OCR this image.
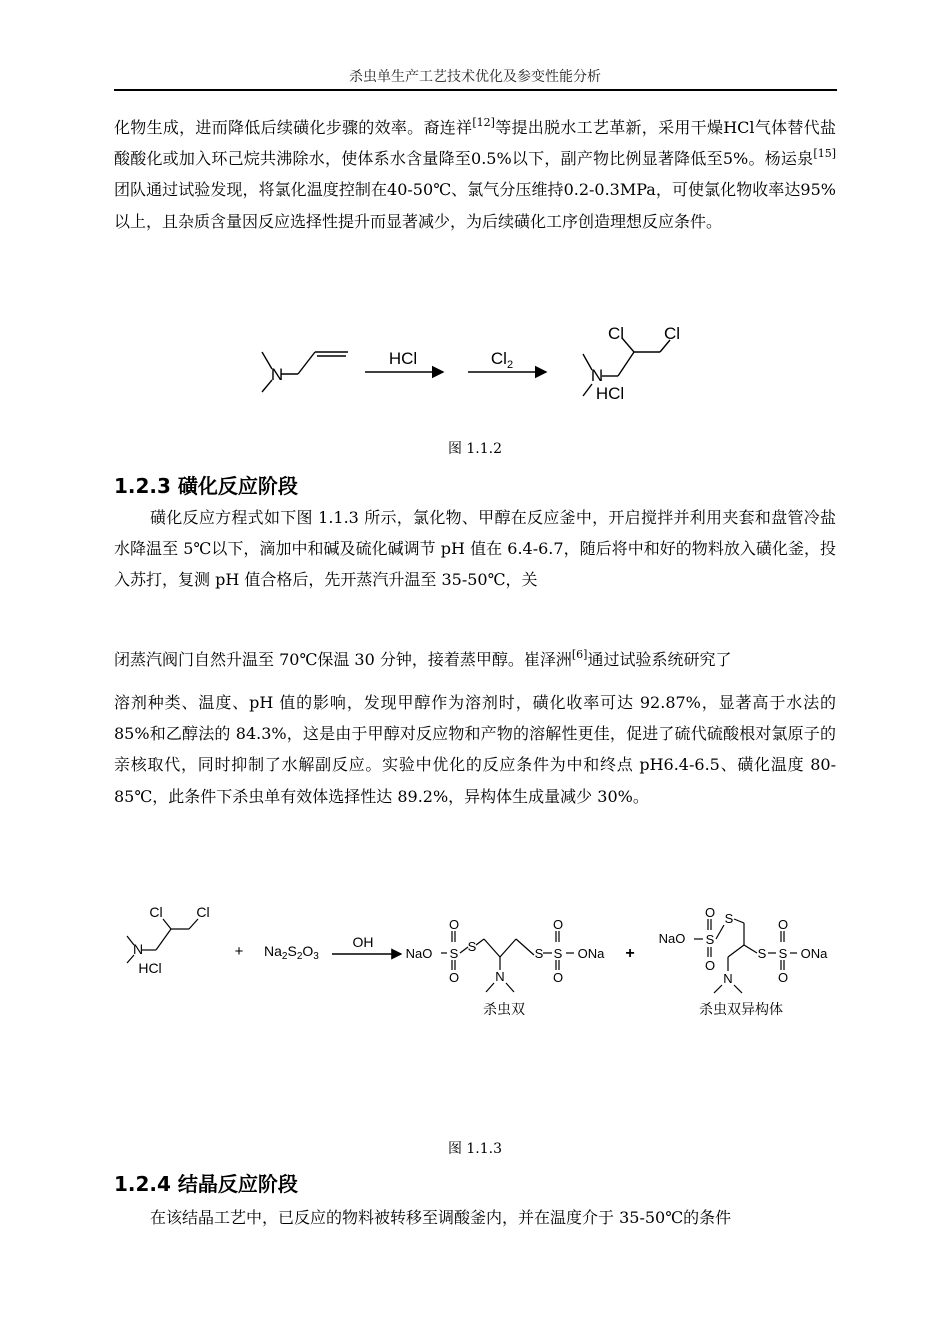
杀虫单生产工艺技术优化及参变性能分析
化物生成，进而降低后续磺化步骤的效率。裔连祥[12]等提出脱水工艺革新，采用干燥HCl气体替代盐酸酸化或加入环己烷共沸除水，使体系水含量降至0.5%以下，副产物比例显著降低至5%。杨运泉[15]团队通过试验发现，将氯化温度控制在40-50℃、氯气分压维持0.2-0.3MPa，可使氯化物收率达95%以上，且杂质含量因反应选择性提升而显著减少，为后续磺化工序创造理想反应条件。
N
HCl	$Cl_2$
N
Cl Cl
HCl
图 1.1.2
1.2.3 磺化反应阶段
磺化反应方程式如下图 1.1.3 所示，氯化物、甲醇在反应釜中，开启搅拌并利用夹套和盘管冷盐水降温至 5℃以下，滴加中和碱及硫化碱调节 pH 值在 6.4-6.7，随后将中和好的物料放入磺化釜，投入苏打，复测 pH 值合格后，先开蒸汽升温至 35-50℃，关
闭蒸汽阀门自然升温至 70℃保温 30 分钟，接着蒸甲醇。崔泽洲[6]通过试验系统研究了
溶剂种类、温度、pH 值的影响，发现甲醇作为溶剂时，磺化收率可达 92.87%，显著高于水法的 85%和乙醇法的 84.3%，这是由于甲醇对反应物和产物的溶解性更佳，促进了硫代硫酸根对氯原子的亲核取代，同时抑制了水解副反应。实验中优化的反应条件为中和终点 pH6.4-6.5、磺化温度 80-85℃，此条件下杀虫单有效体选择性达 89.2%，异构体生成量减少 30%。
N
Cl Cl
HCl
+ $Na_2S_2O_3$
OH
NaO S
O
O
S
N
S S
O
O
ONa
杀虫双
+
O
S
NaO
O
S
N
S S
O
O
ONa
杀虫双异构体
图 1.1.3
1.2.4 结晶反应阶段
在该结晶工艺中，已反应的物料被转移至调酸釜内，并在温度介于 35-50℃的条件
